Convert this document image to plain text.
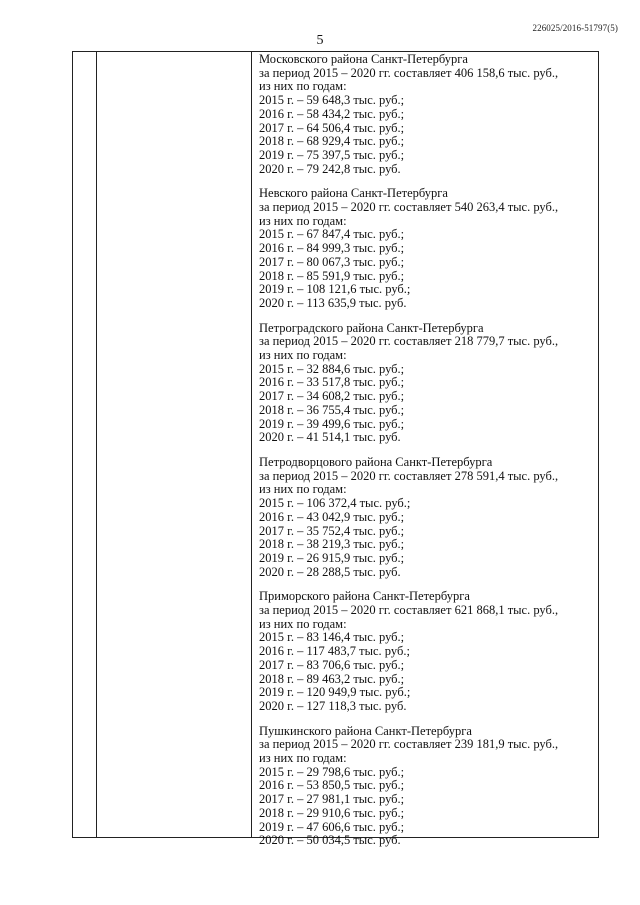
226025/2016-51797(5)
5
Московского района Санкт-Петербурга
за период 2015 – 2020 гг. составляет 406 158,6 тыс. руб.,
из них по годам:
2015 г. – 59 648,3 тыс. руб.;
2016 г. – 58 434,2 тыс. руб.;
2017 г. – 64 506,4 тыс. руб.;
2018 г. – 68 929,4 тыс. руб.;
2019 г. – 75 397,5 тыс. руб.;
2020 г. – 79 242,8 тыс. руб.
Невского района Санкт-Петербурга
за период 2015 – 2020 гг. составляет 540 263,4 тыс. руб.,
из них по годам:
2015 г. – 67 847,4 тыс. руб.;
2016 г. – 84 999,3 тыс. руб.;
2017 г. – 80 067,3 тыс. руб.;
2018 г. – 85 591,9 тыс. руб.;
2019 г. – 108 121,6 тыс. руб.;
2020 г. – 113 635,9 тыс. руб.
Петроградского района Санкт-Петербурга
за период 2015 – 2020 гг. составляет 218 779,7 тыс. руб.,
из них по годам:
2015 г. – 32 884,6 тыс. руб.;
2016 г. – 33 517,8 тыс. руб.;
2017 г. – 34 608,2 тыс. руб.;
2018 г. – 36 755,4 тыс. руб.;
2019 г. – 39 499,6 тыс. руб.;
2020 г. – 41 514,1 тыс. руб.
Петродворцового района Санкт-Петербурга
за период 2015 – 2020 гг. составляет 278 591,4 тыс. руб.,
из них по годам:
2015 г. – 106 372,4 тыс. руб.;
2016 г. – 43 042,9 тыс. руб.;
2017 г. – 35 752,4 тыс. руб.;
2018 г. – 38 219,3 тыс. руб.;
2019 г. – 26 915,9 тыс. руб.;
2020 г. – 28 288,5 тыс. руб.
Приморского района Санкт-Петербурга
за период 2015 – 2020 гг. составляет 621 868,1 тыс. руб.,
из них по годам:
2015 г. – 83 146,4 тыс. руб.;
2016 г. – 117 483,7 тыс. руб.;
2017 г. – 83 706,6 тыс. руб.;
2018 г. – 89 463,2 тыс. руб.;
2019 г. – 120 949,9 тыс. руб.;
2020 г. – 127 118,3 тыс. руб.
Пушкинского района Санкт-Петербурга
за период 2015 – 2020 гг. составляет 239 181,9 тыс. руб.,
из них по годам:
2015 г. – 29 798,6 тыс. руб.;
2016 г. – 53 850,5 тыс. руб.;
2017 г. – 27 981,1 тыс. руб.;
2018 г. – 29 910,6 тыс. руб.;
2019 г. – 47 606,6 тыс. руб.;
2020 г. – 50 034,5 тыс. руб.
